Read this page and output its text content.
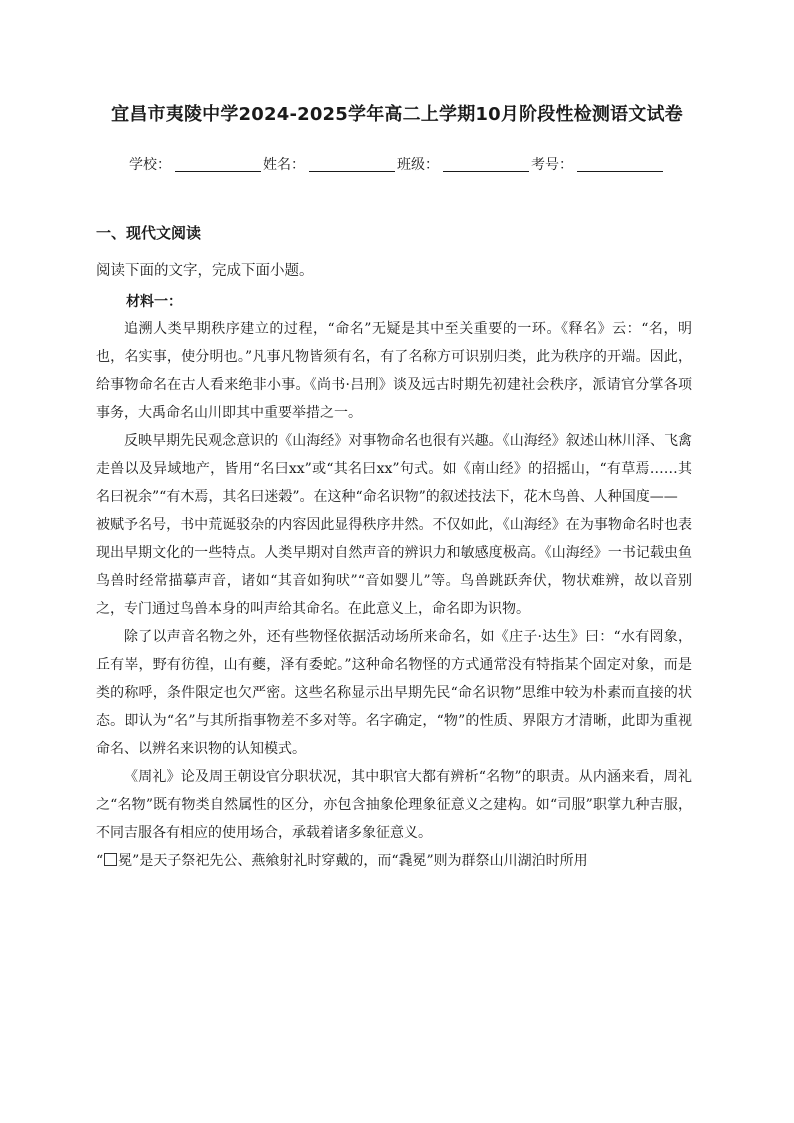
宜昌市夷陵中学2024-2025学年高二上学期10月阶段性检测语文试卷
学校：	姓名：	班级：	考号：
一、现代文阅读
阅读下面的文字，完成下面小题。
材料一：

追溯人类早期秩序建立的过程，“命名”无疑是其中至关重要的一环。《释名》云：“名，明也，名实事，使分明也。”凡事凡物皆须有名，有了名称方可识别归类，此为秩序的开端。因此，给事物命名在古人看来绝非小事。《尚书·吕刑》谈及远古时期先初建社会秩序，派请官分掌各项事务，大禹命名山川即其中重要举措之一。

反映早期先民观念意识的《山海经》对事物命名也很有兴趣。《山海经》叙述山林川泽、飞禽走兽以及异域地产，皆用“名曰xx”或“其名曰xx”句式。如《南山经》的招摇山，“有草焉……其名曰祝余”“有木焉，其名曰迷榖”。在这种“命名识物”的叙述技法下，花木鸟兽、人种国度——

被赋予名号，书中荒诞驳杂的内容因此显得秩序井然。不仅如此，《山海经》在为事物命名时也表现出早期文化的一些特点。人类早期对自然声音的辨识力和敏感度极高。《山海经》一书记载虫鱼鸟兽时经常描摹声音，诸如“其音如狗吠”“音如婴儿”等。鸟兽跳跃奔伏，物状难辨，故以音别之，专门通过鸟兽本身的叫声给其命名。在此意义上，命名即为识物。

除了以声音名物之外，还有些物怪依据活动场所来命名，如《庄子·达生》曰：“水有罔象，丘有峷，野有彷徨，山有夔，泽有委蛇。”这种命名物怪的方式通常没有特指某个固定对象，而是类的称呼，条件限定也欠严密。这些名称显示出早期先民“命名识物”思维中较为朴素而直接的状态。即认为“名”与其所指事物差不多对等。名字确定，“物”的性质、界限方才清晰，此即为重视命名、以辨名来识物的认知模式。

《周礼》论及周王朝设官分职状况，其中职官大都有辨析“名物”的职责。从内涵来看，周礼之“名物”既有物类自然属性的区分，亦包含抽象伦理象征意义之建构。如“司服”职掌九种吉服，不同吉服各有相应的使用场合，承载着诸多象征意义。

“ 冕”是天子祭祀先公、燕飨射礼时穿戴的，而“毳冕”则为群祭山川湖泊时所用
